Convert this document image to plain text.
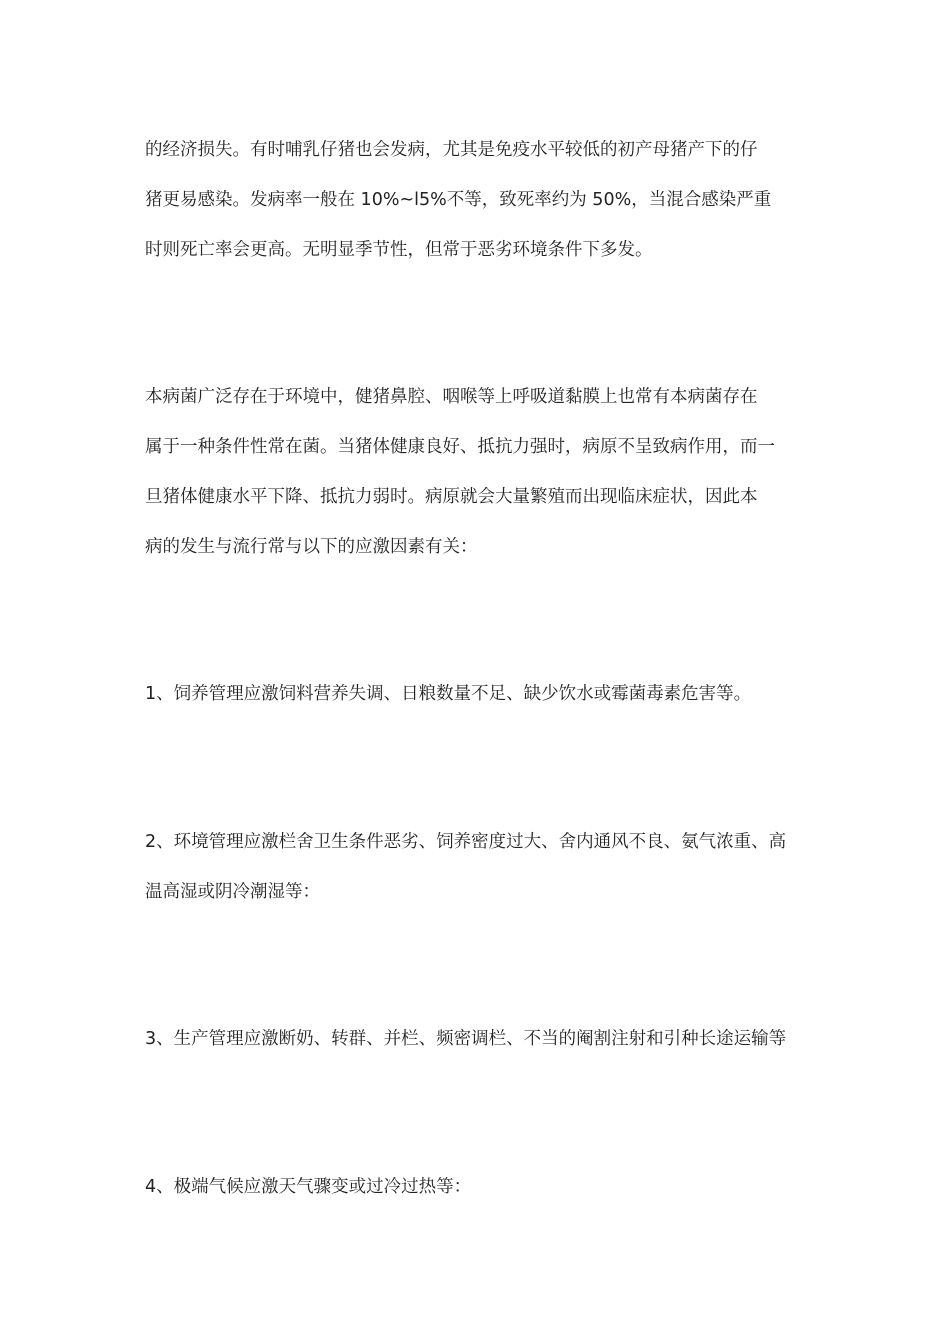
的经济损失。有时哺乳仔猪也会发病，尤其是免疫水平较低的初产母猪产下的仔
猪更易感染。发病率一般在 10%~l5%不等，致死率约为 50%，当混合感染严重
时则死亡率会更高。无明显季节性，但常于恶劣环境条件下多发。
本病菌广泛存在于环境中，健猪鼻腔、咽喉等上呼吸道黏膜上也常有本病菌存在
属于一种条件性常在菌。当猪体健康良好、抵抗力强时，病原不呈致病作用，而一
旦猪体健康水平下降、抵抗力弱时。病原就会大量繁殖而出现临床症状，因此本
病的发生与流行常与以下的应激因素有关：
1、饲养管理应激饲料营养失调、日粮数量不足、缺少饮水或霉菌毒素危害等。
2、环境管理应激栏舍卫生条件恶劣、饲养密度过大、舍内通风不良、氨气浓重、高
温高湿或阴冷潮湿等：
3、生产管理应激断奶、转群、并栏、频密调栏、不当的阉割注射和引种长途运输等
4、极端气候应激天气骤变或过冷过热等：
